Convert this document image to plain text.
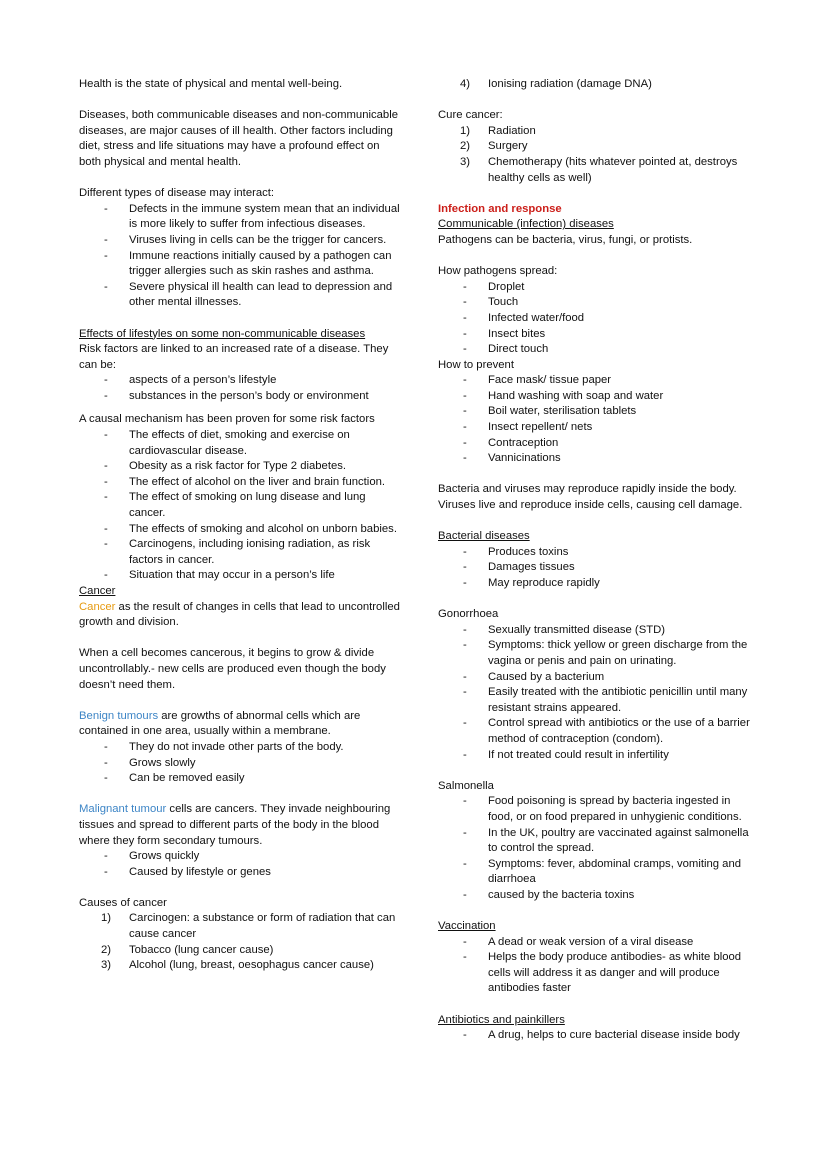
Health is the state of physical and mental well-being.

Diseases, both communicable diseases and non-communicable diseases, are major causes of ill health. Other factors including diet, stress and life situations may have a profound effect on both physical and mental health.

Different types of disease may interact:

- Defects in the immune system mean that an individual is more likely to suffer from infectious diseases.
- Viruses living in cells can be the trigger for cancers.
- Immune reactions initially caused by a pathogen can trigger allergies such as skin rashes and asthma.
- Severe physical ill health can lead to depression and other mental illnesses.

Effects of lifestyles on some non-communicable diseases

Risk factors are linked to an increased rate of a disease. They can be:

- aspects of a person’s lifestyle
- substances in the person’s body or environment

A causal mechanism has been proven for some risk factors

- The effects of diet, smoking and exercise on cardiovascular disease.
- Obesity as a risk factor for Type 2 diabetes.
- The effect of alcohol on the liver and brain function.
- The effect of smoking on lung disease and lung cancer.
- The effects of smoking and alcohol on unborn babies.
- Carcinogens, including ionising radiation, as risk factors in cancer.
- Situation that may occur in a person’s life

Cancer

Cancer as the result of changes in cells that lead to uncontrolled growth and division.

When a cell becomes cancerous, it begins to grow & divide uncontrollably.- new cells are produced even though the body doesn’t need them.

Benign tumours are growths of abnormal cells which are contained in one area, usually within a membrane.

- They do not invade other parts of the body.
- Grows slowly
- Can be removed easily

Malignant tumour cells are cancers. They invade neighbouring tissues and spread to different parts of the body in the blood where they form secondary tumours.

- Grows quickly
- Caused by lifestyle or genes

Causes of cancer

1) Carcinogen: a substance or form of radiation that can cause cancer
2) Tobacco (lung cancer cause)
3) Alcohol (lung, breast, oesophagus cancer cause)
4) Ionising radiation (damage DNA)

Cure cancer:

1) Radiation
2) Surgery
3) Chemotherapy (hits whatever pointed at, destroys healthy cells as well)

Infection and response

Communicable (infection) diseases

Pathogens can be bacteria, virus, fungi, or protists.

How pathogens spread:

- Droplet
- Touch
- Infected water/food
- Insect bites
- Direct touch

How to prevent

- Face mask/ tissue paper
- Hand washing with soap and water
- Boil water, sterilisation tablets
- Insect repellent/ nets
- Contraception
- Vannicinations

Bacteria and viruses may reproduce rapidly inside the body. Viruses live and reproduce inside cells, causing cell damage.

Bacterial diseases

- Produces toxins
- Damages tissues
- May reproduce rapidly

Gonorrhoea

- Sexually transmitted disease (STD)
- Symptoms: thick yellow or green discharge from the vagina or penis and pain on urinating.
- Caused by a bacterium
- Easily treated with the antibiotic penicillin until many resistant strains appeared.
- Control spread with antibiotics or the use of a barrier method of contraception (condom).
- If not treated could result in infertility

Salmonella

- Food poisoning is spread by bacteria ingested in food, or on food prepared in unhygienic conditions.
- In the UK, poultry are vaccinated against salmonella to control the spread.
- Symptoms: fever, abdominal cramps, vomiting and diarrhoea
- caused by the bacteria toxins

Vaccination

- A dead or weak version of a viral disease
- Helps the body produce antibodies- as white blood cells will address it as danger and will produce antibodies faster

Antibiotics and painkillers

- A drug, helps to cure bacterial disease inside body
